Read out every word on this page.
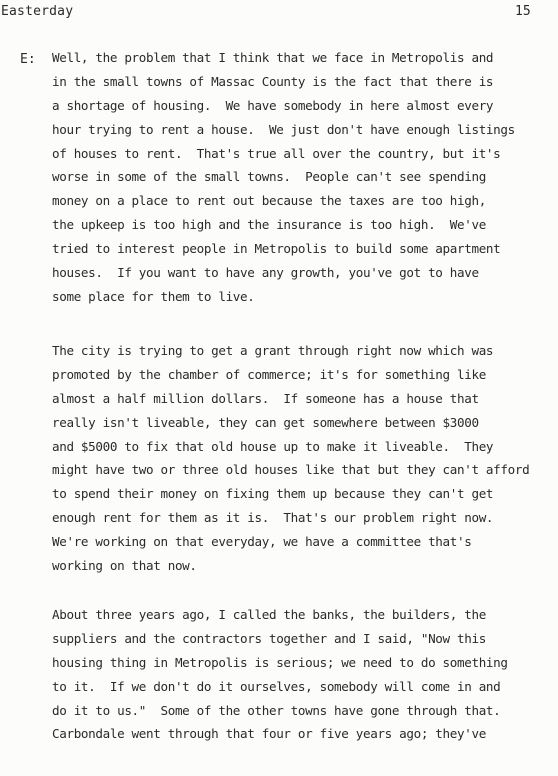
Easterday	15
E: Well, the problem that I think that we face in Metropolis and
in the small towns of Massac County is the fact that there is
a shortage of housing.  We have somebody in here almost every
hour trying to rent a house.  We just don't have enough listings
of houses to rent.  That's true all over the country, but it's
worse in some of the small towns.  People can't see spending
money on a place to rent out because the taxes are too high,
the upkeep is too high and the insurance is too high.  We've
tried to interest people in Metropolis to build some apartment
houses.  If you want to have any growth, you've got to have
some place for them to live.
The city is trying to get a grant through right now which was
promoted by the chamber of commerce; it's for something like
almost a half million dollars.  If someone has a house that
really isn't liveable, they can get somewhere between $3000
and $5000 to fix that old house up to make it liveable.  They
might have two or three old houses like that but they can't afford
to spend their money on fixing them up because they can't get
enough rent for them as it is.  That's our problem right now.
We're working on that everyday, we have a committee that's
working on that now.
About three years ago, I called the banks, the builders, the
suppliers and the contractors together and I said, "Now this
housing thing in Metropolis is serious; we need to do something
to it.  If we don't do it ourselves, somebody will come in and
do it to us."  Some of the other towns have gone through that.
Carbondale went through that four or five years ago; they've
